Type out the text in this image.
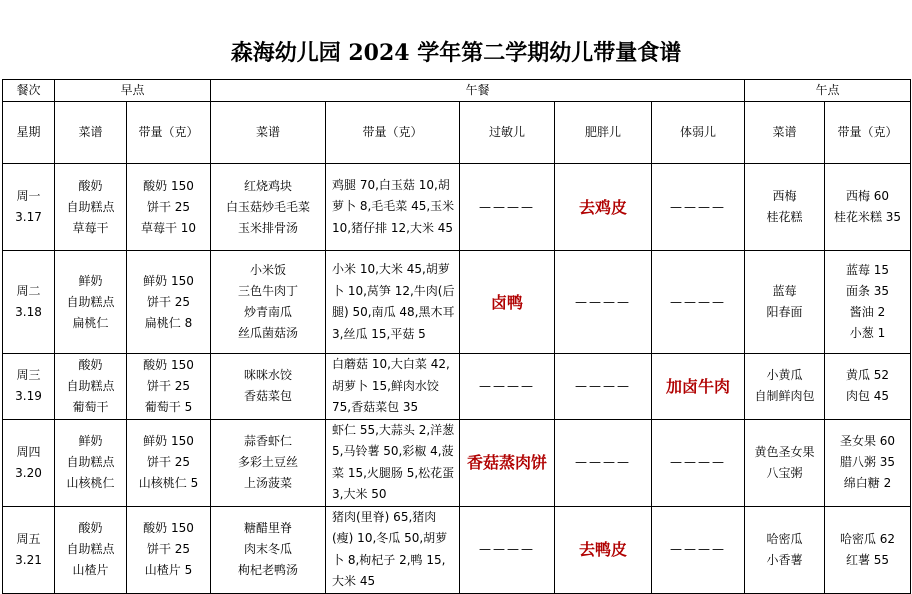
森海幼儿园 2024 学年第二学期幼儿带量食谱
餐次	早点		午餐					午点	
星期	菜谱	带量（克）	菜谱	带量（克）	过敏儿	肥胖儿	体弱儿	菜谱	带量（克）
周一
3.17	酸奶
自助糕点
草莓干	酸奶 150
饼干 25
草莓干 10	红烧鸡块
白玉菇炒毛毛菜
玉米排骨汤	鸡腿 70,白玉菇 10,胡萝卜 8,毛毛菜 45,玉米 10,猪仔排 12,大米 45	————	去鸡皮	————	西梅
桂花糕	西梅 60
桂花米糕 35
周二
3.18	鲜奶
自助糕点
扁桃仁	鲜奶 150
饼干 25
扁桃仁 8	小米饭
三色牛肉丁
炒青南瓜
丝瓜菌菇汤	小米 10,大米 45,胡萝卜 10,莴笋 12,牛肉(后腿) 50,南瓜 48,黑木耳 3,丝瓜 15,平菇 5	卤鸭	————	————	蓝莓
阳春面	蓝莓 15
面条 35
酱油 2
小葱 1
周三
3.19	酸奶
自助糕点
葡萄干	酸奶 150
饼干 25
葡萄干 5	咪咪水饺
香菇菜包	白蘑菇 10,大白菜 42,胡萝卜 15,鲜肉水饺 75,香菇菜包 35	————	————	加卤牛肉	小黄瓜
自制鲜肉包	黄瓜 52
肉包 45
周四
3.20	鲜奶
自助糕点
山核桃仁	鲜奶 150
饼干 25
山核桃仁 5	蒜香虾仁
多彩土豆丝
上汤菠菜	虾仁 55,大蒜头 2,洋葱 5,马铃薯 50,彩椒 4,菠菜 15,火腿肠 5,松花蛋 3,大米 50	香菇蒸肉饼	————	————	黄色圣女果
八宝粥	圣女果 60
腊八粥 35
绵白糖 2
周五
3.21	酸奶
自助糕点
山楂片	酸奶 150
饼干 25
山楂片 5	糖醋里脊
肉末冬瓜
枸杞老鸭汤	猪肉(里脊) 65,猪肉(瘦) 10,冬瓜 50,胡萝卜 8,枸杞子 2,鸭 15,大米 45	————	去鸭皮	————	哈密瓜
小香薯	哈密瓜 62
红薯 55
